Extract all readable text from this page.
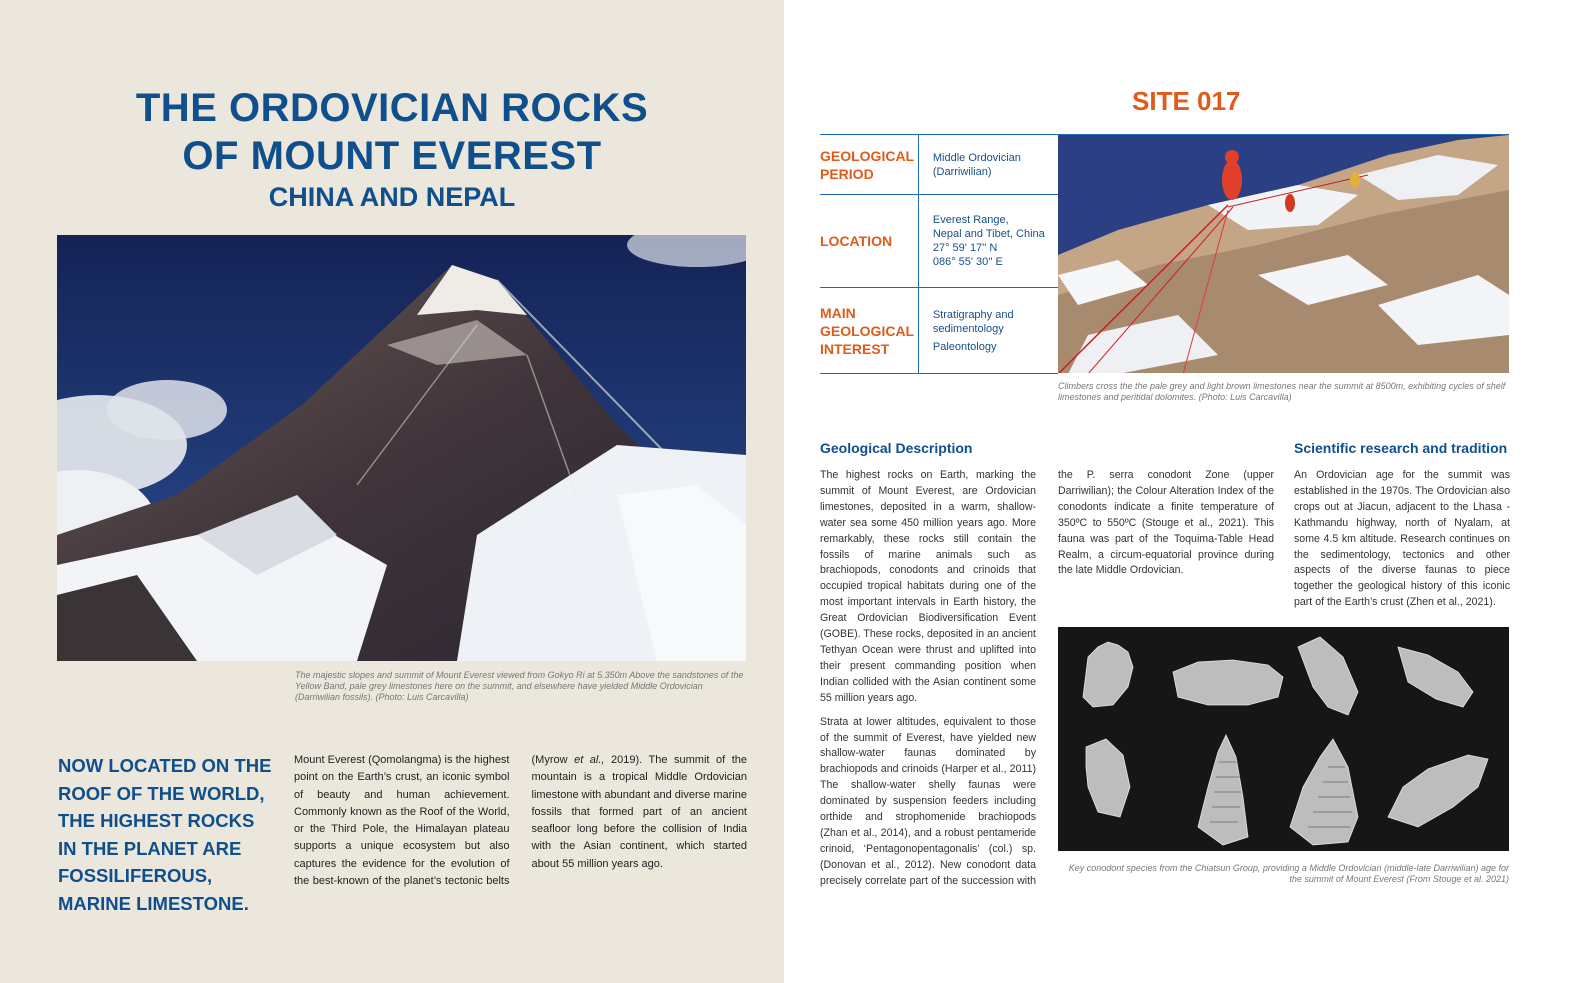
THE ORDOVICIAN ROCKS
OF MOUNT EVEREST
CHINA AND NEPAL

The majestic slopes and summit of Mount Everest viewed from Gokyo Ri at 5.350m Above the sandstones of the Yellow Band, pale grey limestones here on the summit, and elsewhere have yielded Middle Ordovician (Darriwilian fossils). (Photo: Luis Carcavilla)

NOW LOCATED ON THE ROOF OF THE WORLD, THE HIGHEST ROCKS IN THE PLANET ARE FOSSILIFEROUS, MARINE LIMESTONE.

Mount Everest (Qomolangma) is the highest point on the Earth’s crust, an iconic symbol of beauty and human achievement. Commonly known as the Roof of the World, or the Third Pole, the Himalayan plateau supports a unique ecosystem but also captures the evidence for the evolution of the best-known of the planet’s tectonic belts (Myrow et al., 2019). The summit of the mountain is a tropical Middle Ordovician limestone with abundant and diverse marine fossils that formed part of an ancient seafloor long before the collision of India with the Asian continent, which started about 55 million years ago.
SITE 017
GEOLOGICAL PERIOD	Middle Ordovician
(Darriwilian)
LOCATION	Everest Range,
Nepal and Tibet, China
27° 59' 17'' N
086° 55' 30'' E
MAIN GEOLOGICAL INTEREST	Stratigraphy and
sedimentology
Paleontology

Climbers cross the the pale grey and light brown limestones near the summit at 8500m, exhibiting cycles of shelf limestones and peritidal dolomites. (Photo: Luis Carcavilla)

Geological Description	Scientific research and tradition

The highest rocks on Earth, marking the summit of Mount Everest, are Ordovician limestones, deposited in a warm, shallow-water sea some 450 million years ago. More remarkably, these rocks still contain the fossils of marine animals such as brachiopods, conodonts and crinoids that occupied tropical habitats during one of the most important intervals in Earth history, the Great Ordovician Biodiversification Event (GOBE). These rocks, deposited in an ancient Tethyan Ocean were thrust and uplifted into their present commanding position when Indian collided with the Asian continent some 55 million years ago.

Strata at lower altitudes, equivalent to those of the summit of Everest, have yielded new shallow-water faunas dominated by brachiopods and crinoids (Harper et al., 2011) The shallow-water shelly faunas were dominated by suspension feeders including orthide and strophomenide brachiopods (Zhan et al., 2014), and a robust pentameride crinoid, ‘Pentagonopentagonalis’ (col.) sp. (Donovan et al., 2012). New conodont data precisely correlate part of the succession with the P. serra conodont Zone (upper Darriwilian); the Colour Alteration Index of the conodonts indicate a finite temperature of 350ºC to 550ºC (Stouge et al., 2021). This fauna was part of the Toquima-Table Head Realm, a circum-equatorial province during the late Middle Ordovician.

An Ordovician age for the summit was established in the 1970s. The Ordovician also crops out at Jiacun, adjacent to the Lhasa - Kathmandu highway, north of Nyalam, at some 4.5 km altitude. Research continues on the sedimentology, tectonics and other aspects of the diverse faunas to piece together the geological history of this iconic part of the Earth’s crust (Zhen et al., 2021).

Key conodont species from the Chiatsun Group, providing a Middle Ordovician (middle-late Darriwilian) age for the summit of Mount Everest (From Stouge et al. 2021)
